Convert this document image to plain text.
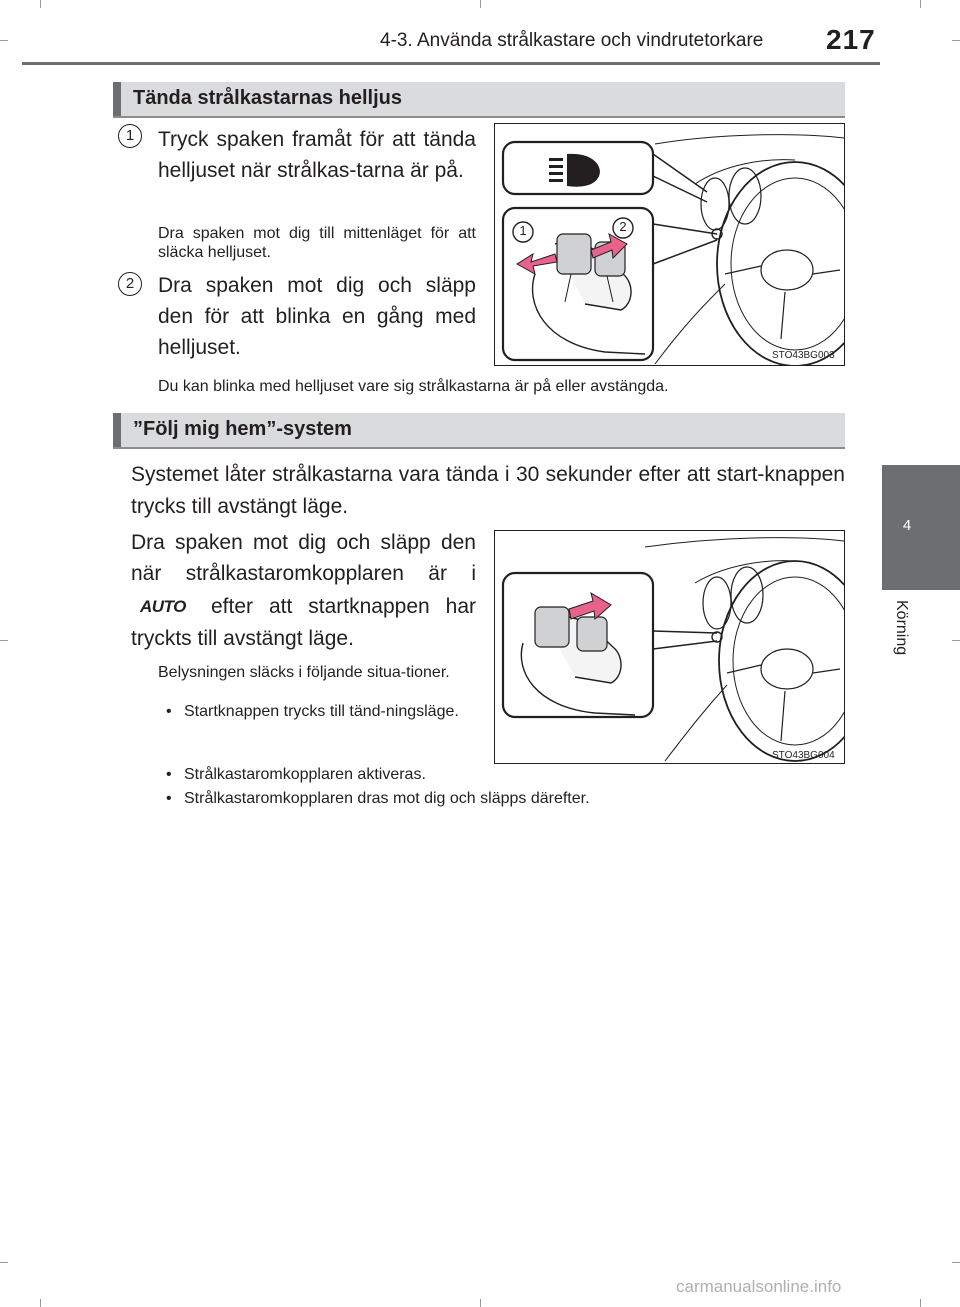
4-3. Använda strålkastare och vindrutetorkare 217
4
Körning
Tända strålkastarnas helljus
1	Tryck spaken framåt för att tända helljuset när strålkas-tarna är på.
Dra spaken mot dig till mittenläget för att släcka helljuset.
2	Dra spaken mot dig och släpp den för att blinka en gång med helljuset.
1	2
STO43BG003
Du kan blinka med helljuset vare sig strålkastarna är på eller avstängda.
”Följ mig hem”-system
Systemet låter strålkastarna vara tända i 30 sekunder efter att start-knappen trycks till avstängt läge.
Dra spaken mot dig och släpp den när strålkastaromkopplaren är i
AUTO	efter att startknappen har tryckts till avstängt läge.
Belysningen släcks i följande situa-tioner.
• Startknappen trycks till tänd-ningsläge.
• Strålkastaromkopplaren aktiveras.
• Strålkastaromkopplaren dras mot dig och släpps därefter.
STO43BG004
carmanualsonline.info
